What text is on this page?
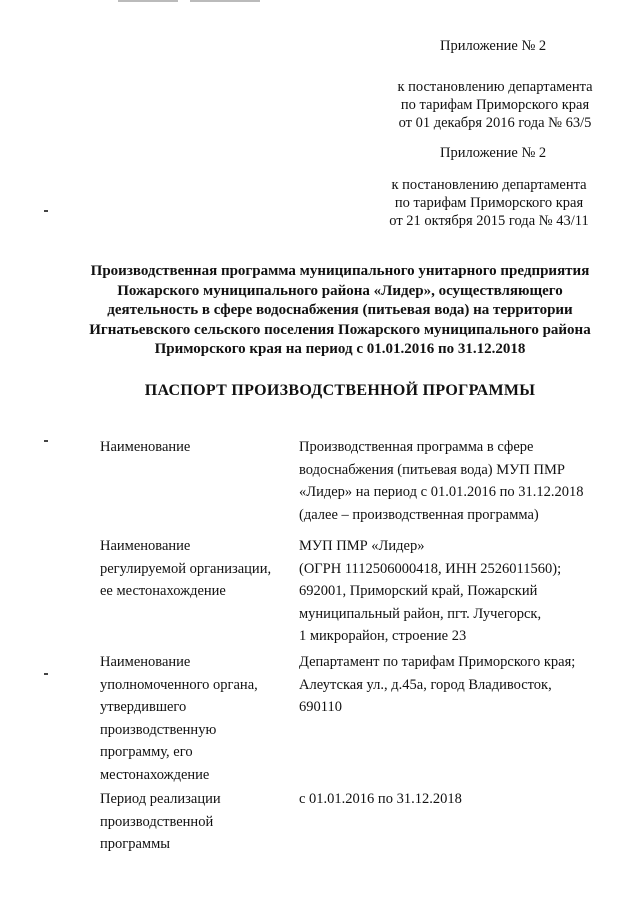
Приложение № 2
к постановлению департамента
по тарифам Приморского края
от 01 декабря 2016 года № 63/5
Приложение № 2
к постановлению департамента
по тарифам Приморского края
от 21 октября 2015 года № 43/11
Производственная программа муниципального унитарного предприятия
Пожарского муниципального района «Лидер», осуществляющего
деятельность в сфере водоснабжения (питьевая вода) на территории
Игнатьевского сельского поселения Пожарского муниципального района
Приморского края на период с 01.01.2016 по 31.12.2018
ПАСПОРТ ПРОИЗВОДСТВЕННОЙ ПРОГРАММЫ
Наименование	Производственная программа в сфере
водоснабжения (питьевая вода) МУП ПМР
«Лидер» на период с 01.01.2016 по 31.12.2018
(далее – производственная программа)
Наименование
регулируемой организации,
ее местонахождение
МУП ПМР «Лидер»
(ОГРН 1112506000418, ИНН 2526011560);
692001, Приморский край, Пожарский
муниципальный район, пгт. Лучегорск,
1 микрорайон, строение 23
Наименование
уполномоченного органа,
утвердившего
производственную
программу, его
местонахождение
Департамент по тарифам Приморского края;
Алеутская ул., д.45а, город Владивосток,
690110
Период реализации
производственной
программы
с 01.01.2016 по 31.12.2018
